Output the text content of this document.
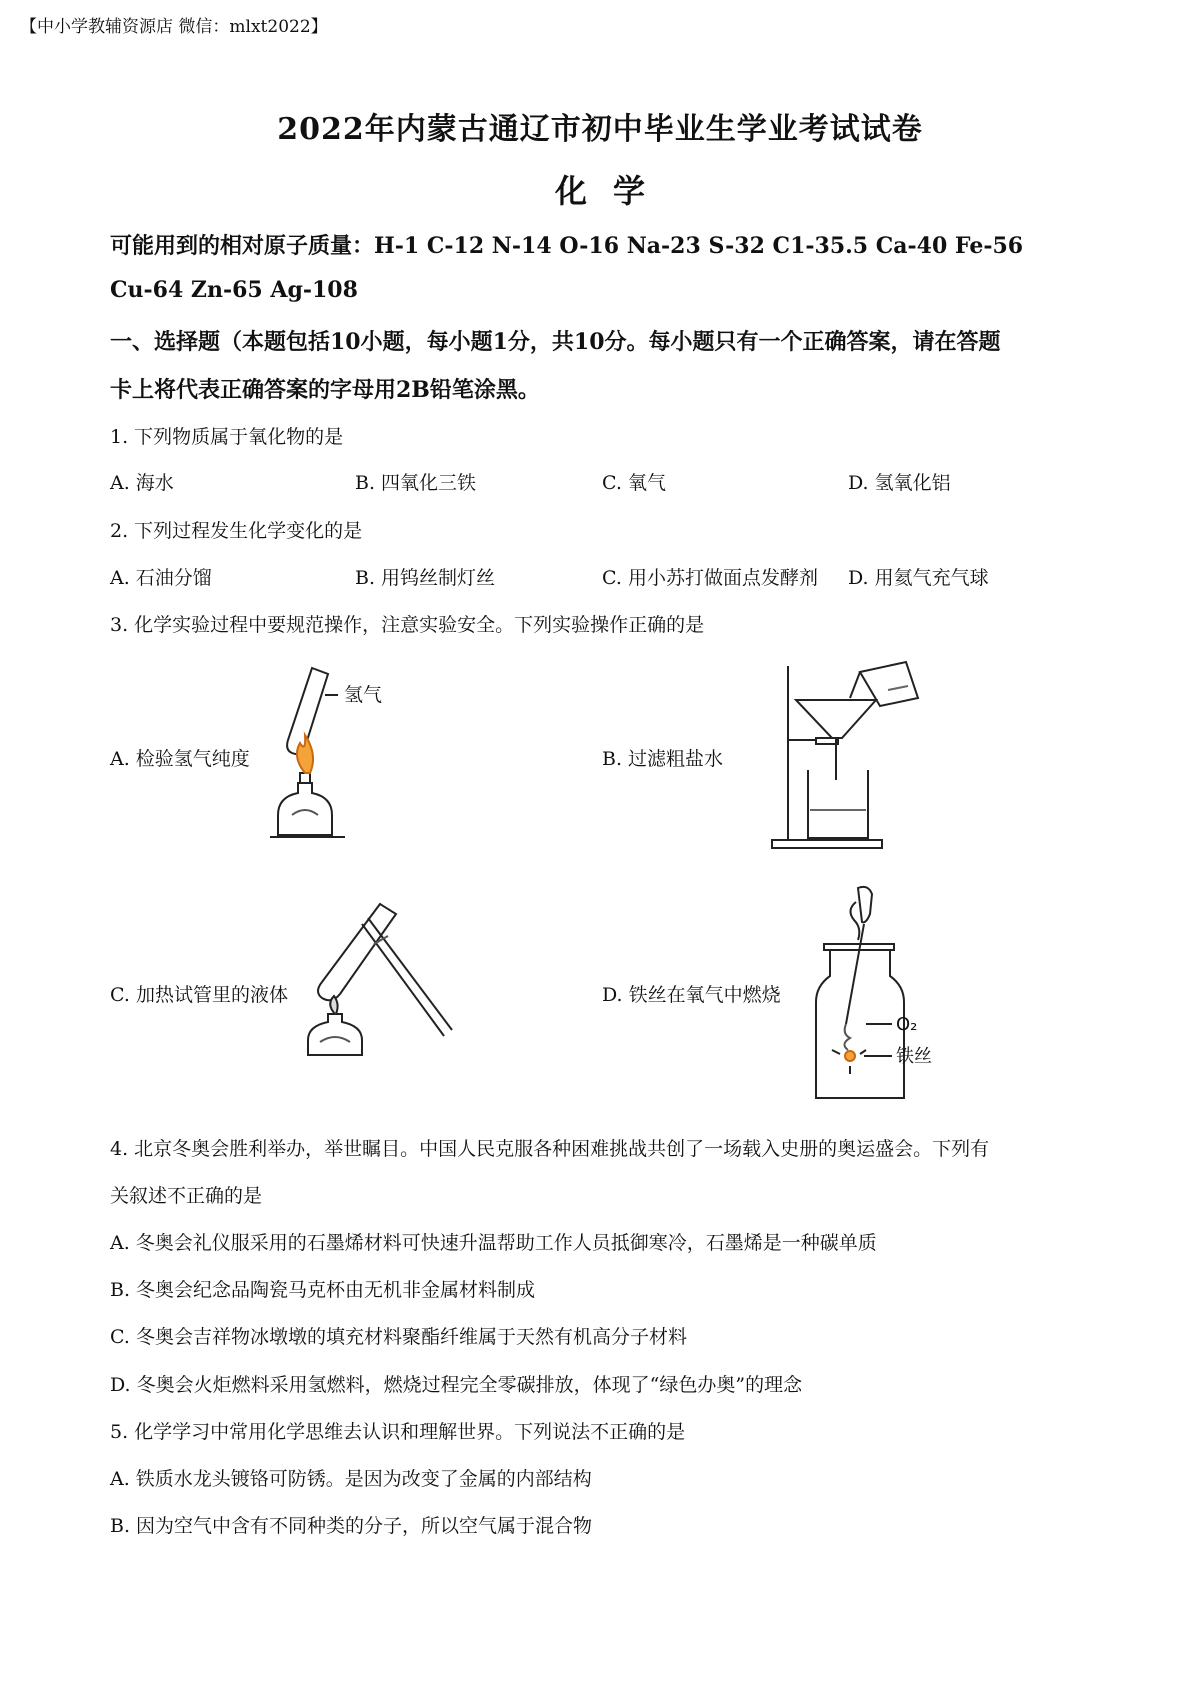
【中小学教辅资源店 微信：mlxt2022】
2022年内蒙古通辽市初中毕业生学业考试试卷
化学
可能用到的相对原子质量：H-1 C-12 N-14 O-16 Na-23 S-32 C1-35.5 Ca-40 Fe-56
Cu-64 Zn-65 Ag-108
一、选择题（本题包括10小题，每小题1分，共10分。每小题只有一个正确答案，请在答题
卡上将代表正确答案的字母用2B铅笔涂黑。
1. 下列物质属于氧化物的是
A. 海水	B. 四氧化三铁	C. 氧气	D. 氢氧化铝
2. 下列过程发生化学变化的是
A. 石油分馏	B. 用钨丝制灯丝	C. 用小苏打做面点发酵剂 D. 用氦气充气球
3. 化学实验过程中要规范操作，注意实验安全。下列实验操作正确的是
A. 检验氢气纯度	B. 过滤粗盐水
C. 加热试管里的液体	D. 铁丝在氧气中燃烧
氢气
O₂
铁丝
4. 北京冬奥会胜利举办，举世瞩目。中国人民克服各种困难挑战共创了一场载入史册的奥运盛会。下列有
关叙述不正确的是
A. 冬奥会礼仪服采用的石墨烯材料可快速升温帮助工作人员抵御寒冷，石墨烯是一种碳单质
B. 冬奥会纪念品陶瓷马克杯由无机非金属材料制成
C. 冬奥会吉祥物冰墩墩的填充材料聚酯纤维属于天然有机高分子材料
D. 冬奥会火炬燃料采用氢燃料，燃烧过程完全零碳排放，体现了“绿色办奥”的理念
5. 化学学习中常用化学思维去认识和理解世界。下列说法不正确的是
A. 铁质水龙头镀铬可防锈。是因为改变了金属的内部结构
B. 因为空气中含有不同种类的分子，所以空气属于混合物
